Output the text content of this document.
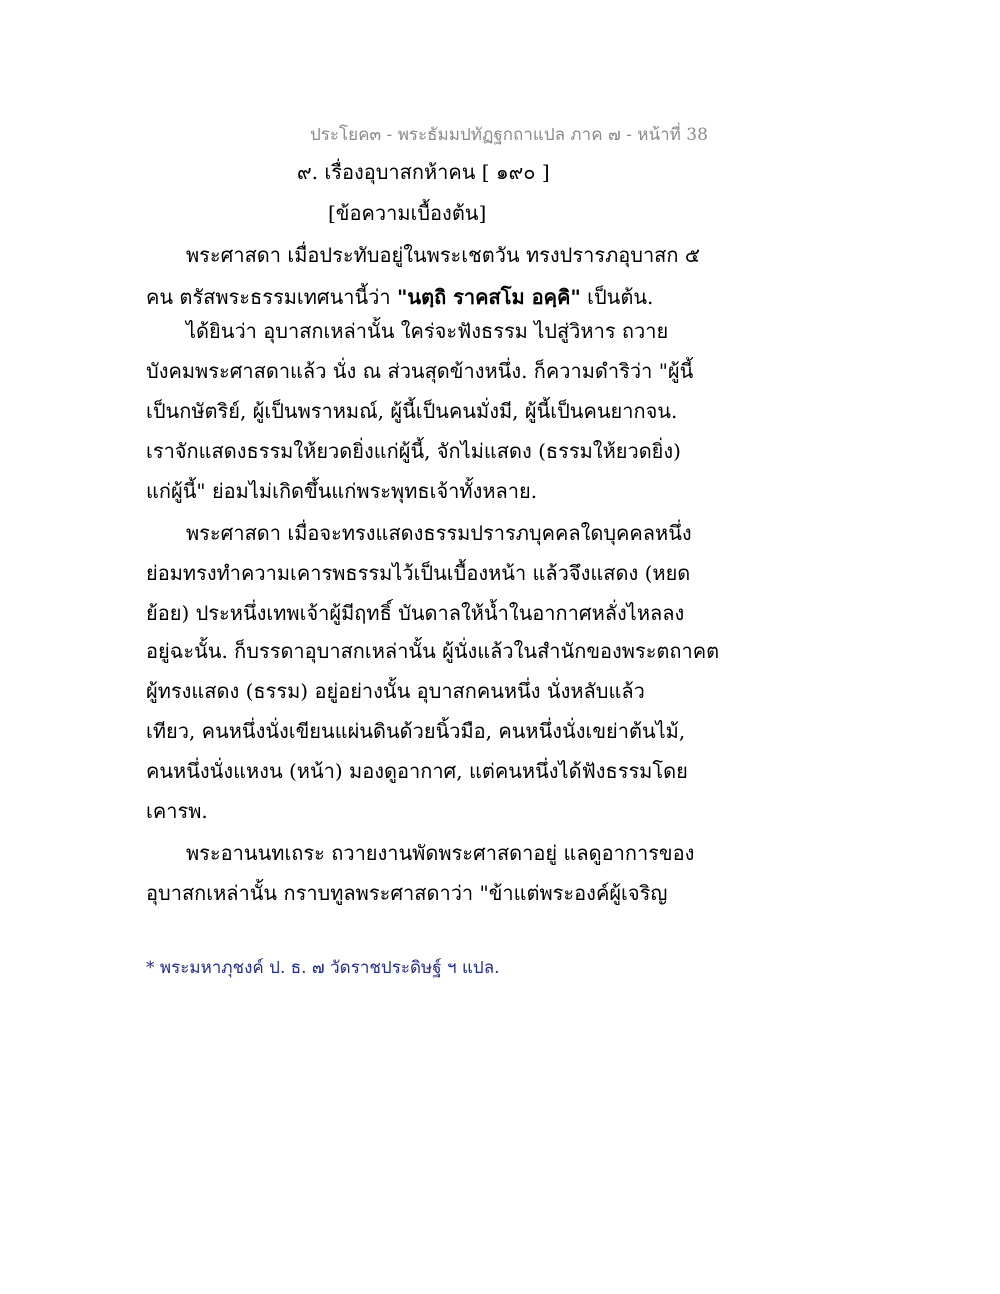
ประโยค๓ - พระธัมมปทัฏฐกถาแปล ภาค ๗ - หน้าที่ 38
๙. เรื่องอุบาสกห้าคน [ ๑๙๐ ]
[ข้อความเบื้องต้น]
พระศาสดา เมื่อประทับอยู่ในพระเชตวัน ทรงปรารภอุบาสก ๕
คน ตรัสพระธรรมเทศนานี้ว่า "นตฺถิ ราคสโม อคฺคิ" เป็นต้น.
ได้ยินว่า อุบาสกเหล่านั้น ใคร่จะฟังธรรม ไปสู่วิหาร ถวาย
บังคมพระศาสดาแล้ว นั่ง ณ ส่วนสุดข้างหนึ่ง. ก็ความดำริว่า "ผู้นี้
เป็นกษัตริย์, ผู้เป็นพราหมณ์, ผู้นี้เป็นคนมั่งมี, ผู้นี้เป็นคนยากจน.
เราจักแสดงธรรมให้ยวดยิ่งแก่ผู้นี้, จักไม่แสดง (ธรรมให้ยวดยิ่ง)
แก่ผู้นี้" ย่อมไม่เกิดขึ้นแก่พระพุทธเจ้าทั้งหลาย.
พระศาสดา เมื่อจะทรงแสดงธรรมปรารภบุคคลใดบุคคลหนึ่ง
ย่อมทรงทำความเคารพธรรมไว้เป็นเบื้องหน้า แล้วจึงแสดง (หยด
ย้อย) ประหนึ่งเทพเจ้าผู้มีฤทธิ์ บันดาลให้น้ำในอากาศหลั่งไหลลง
อยู่ฉะนั้น. ก็บรรดาอุบาสกเหล่านั้น ผู้นั่งแล้วในสำนักของพระตถาคต
ผู้ทรงแสดง (ธรรม) อยู่อย่างนั้น อุบาสกคนหนึ่ง นั่งหลับแล้ว
เทียว, คนหนึ่งนั่งเขียนแผ่นดินด้วยนิ้วมือ, คนหนึ่งนั่งเขย่าต้นไม้,
คนหนึ่งนั่งแหงน (หน้า) มองดูอากาศ, แต่คนหนึ่งได้ฟังธรรมโดย
เคารพ.
พระอานนทเถระ ถวายงานพัดพระศาสดาอยู่ แลดูอาการของ
อุบาสกเหล่านั้น กราบทูลพระศาสดาว่า "ข้าแต่พระองค์ผู้เจริญ
* พระมหาภุชงค์ ป. ธ. ๗ วัดราชประดิษฐ์ ฯ แปล.
